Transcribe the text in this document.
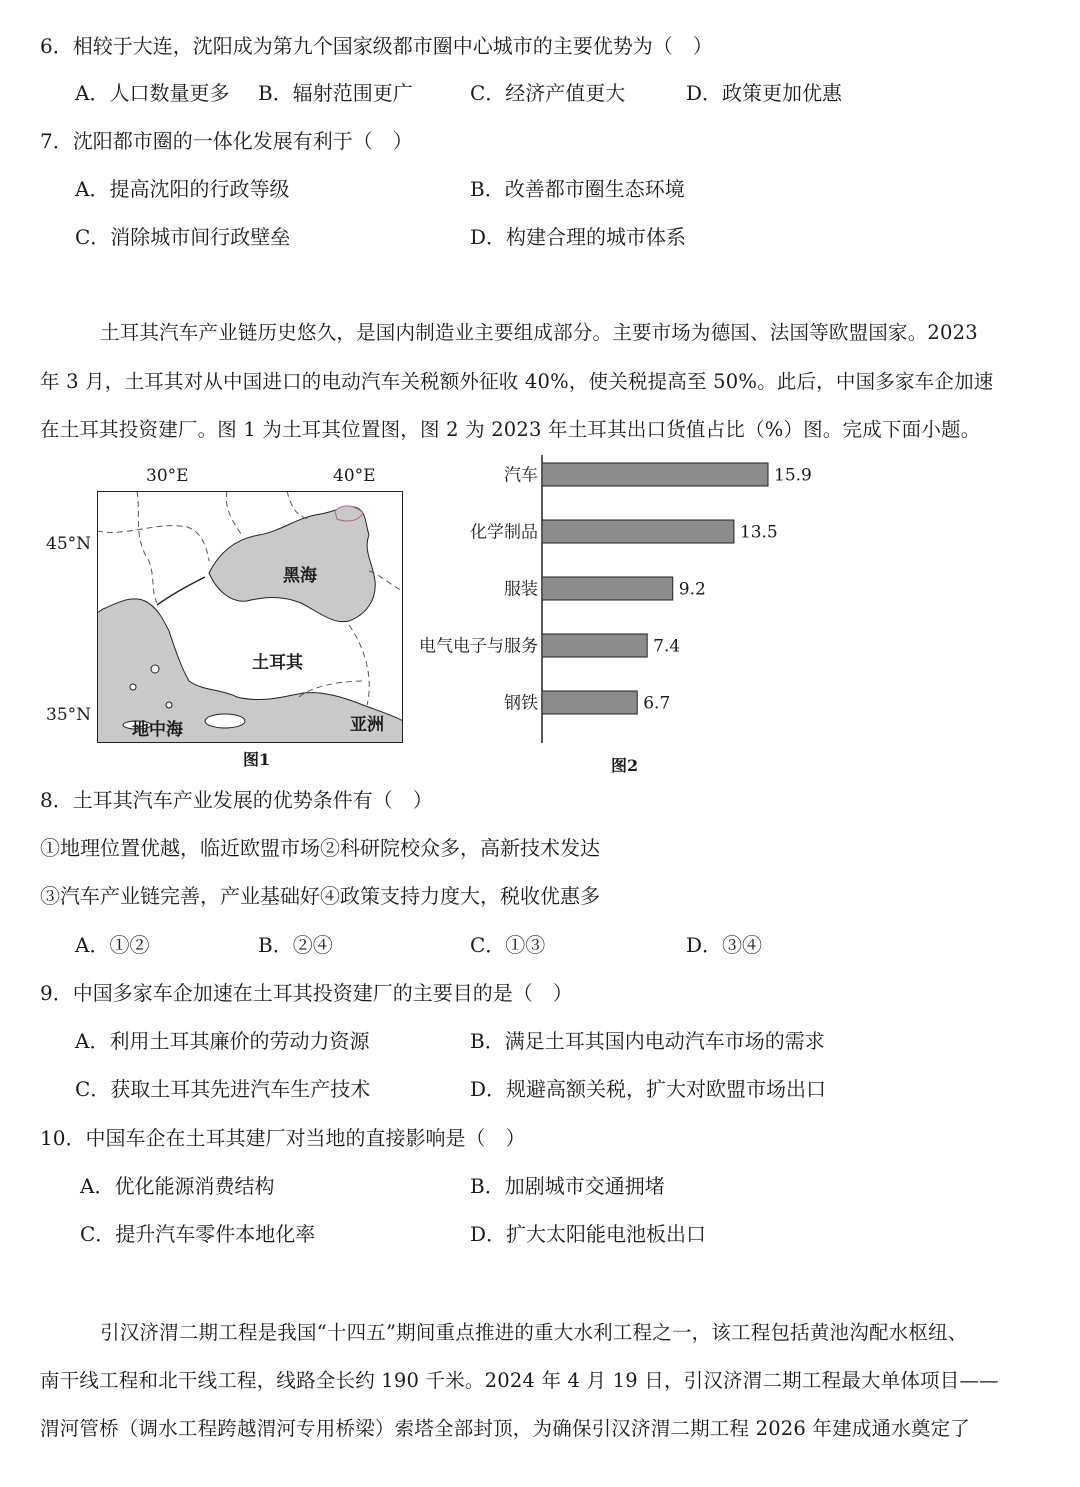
6．相较于大连，沈阳成为第九个国家级都市圈中心城市的主要优势为（　）
A．人口数量更多 B．辐射范围更广	C．经济产值更大	D．政策更加优惠
7．沈阳都市圈的一体化发展有利于（　）
A．提高沈阳的行政等级	B．改善都市圈生态环境
C．消除城市间行政壁垒	D．构建合理的城市体系
土耳其汽车产业链历史悠久，是国内制造业主要组成部分。主要市场为德国、法国等欧盟国家。2023
年 3 月，土耳其对从中国进口的电动汽车关税额外征收 40%，使关税提高至 50%。此后，中国多家车企加速
在土耳其投资建厂。图 1 为土耳其位置图，图 2 为 2023 年土耳其出口货值占比（%）图。完成下面小题。
30°E	40°E
45°N
35°N
黑海
土耳其
地中海	亚洲
图1
汽车	15.9
化学制品	13.5
服装	9.2
电气电子与服务	7.4
钢铁	6.7
图2
8．土耳其汽车产业发展的优势条件有（　）
①地理位置优越，临近欧盟市场②科研院校众多，高新技术发达
③汽车产业链完善，产业基础好④政策支持力度大，税收优惠多
A．①②	B．②④	C．①③	D．③④
9．中国多家车企加速在土耳其投资建厂的主要目的是（　）
A．利用土耳其廉价的劳动力资源	B．满足土耳其国内电动汽车市场的需求
C．获取土耳其先进汽车生产技术	D．规避高额关税，扩大对欧盟市场出口
10．中国车企在土耳其建厂对当地的直接影响是（　）
A．优化能源消费结构	B．加剧城市交通拥堵
C．提升汽车零件本地化率	D．扩大太阳能电池板出口
引汉济渭二期工程是我国“十四五”期间重点推进的重大水利工程之一，该工程包括黄池沟配水枢纽、
南干线工程和北干线工程，线路全长约 190 千米。2024 年 4 月 19 日，引汉济渭二期工程最大单体项目——
渭河管桥（调水工程跨越渭河专用桥梁）索塔全部封顶，为确保引汉济渭二期工程 2026 年建成通水奠定了
